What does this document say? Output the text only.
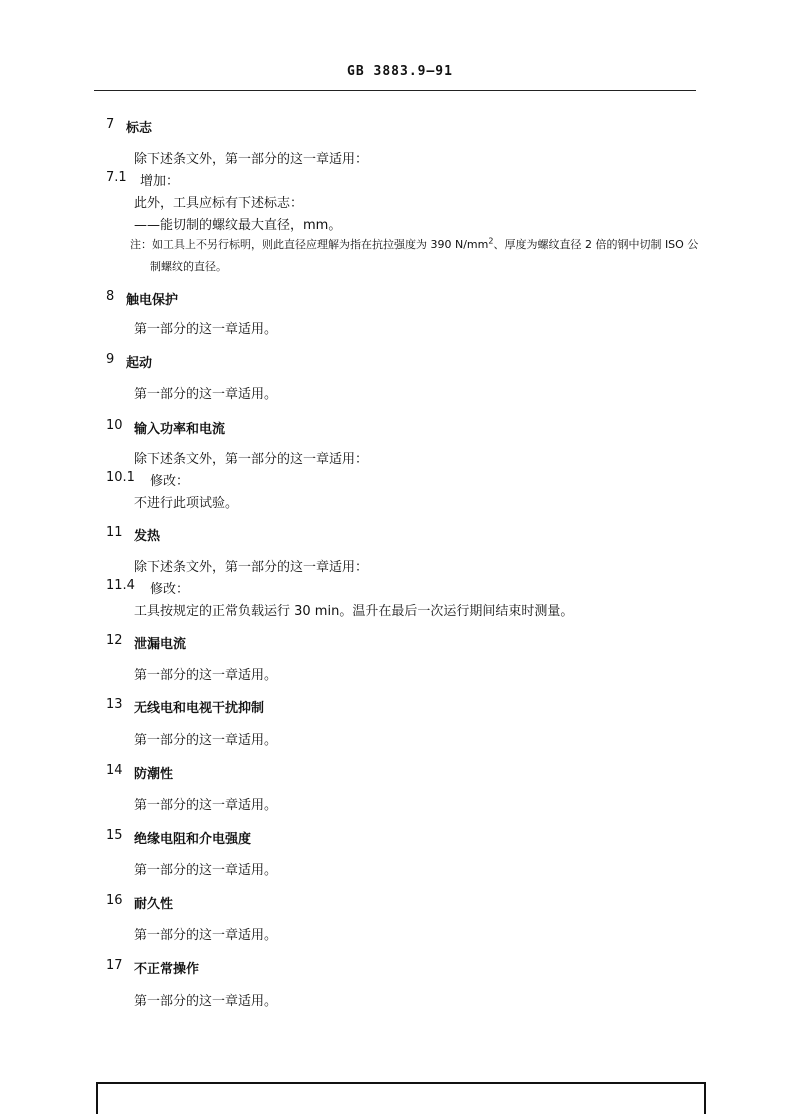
GB 3883.9—91
7 标志
除下述条文外，第一部分的这一章适用：
7.1 增加：
此外，工具应标有下述标志：
——能切制的螺纹最大直径，mm。
注：如工具上不另行标明，则此直径应理解为指在抗拉强度为 390 $N/mm^2$、厚度为螺纹直径 2 倍的钢中切制 ISO 公
制螺纹的直径。
8 触电保护
第一部分的这一章适用。
9 起动
第一部分的这一章适用。
10 输入功率和电流
除下述条文外，第一部分的这一章适用：
10.1 修改：
不进行此项试验。
11 发热
除下述条文外，第一部分的这一章适用：
11.4 修改：
工具按规定的正常负载运行 30 min。温升在最后一次运行期间结束时测量。
12 泄漏电流
第一部分的这一章适用。
13 无线电和电视干扰抑制
第一部分的这一章适用。
14 防潮性
第一部分的这一章适用。
15 绝缘电阻和介电强度
第一部分的这一章适用。
16 耐久性
第一部分的这一章适用。
17 不正常操作
第一部分的这一章适用。
